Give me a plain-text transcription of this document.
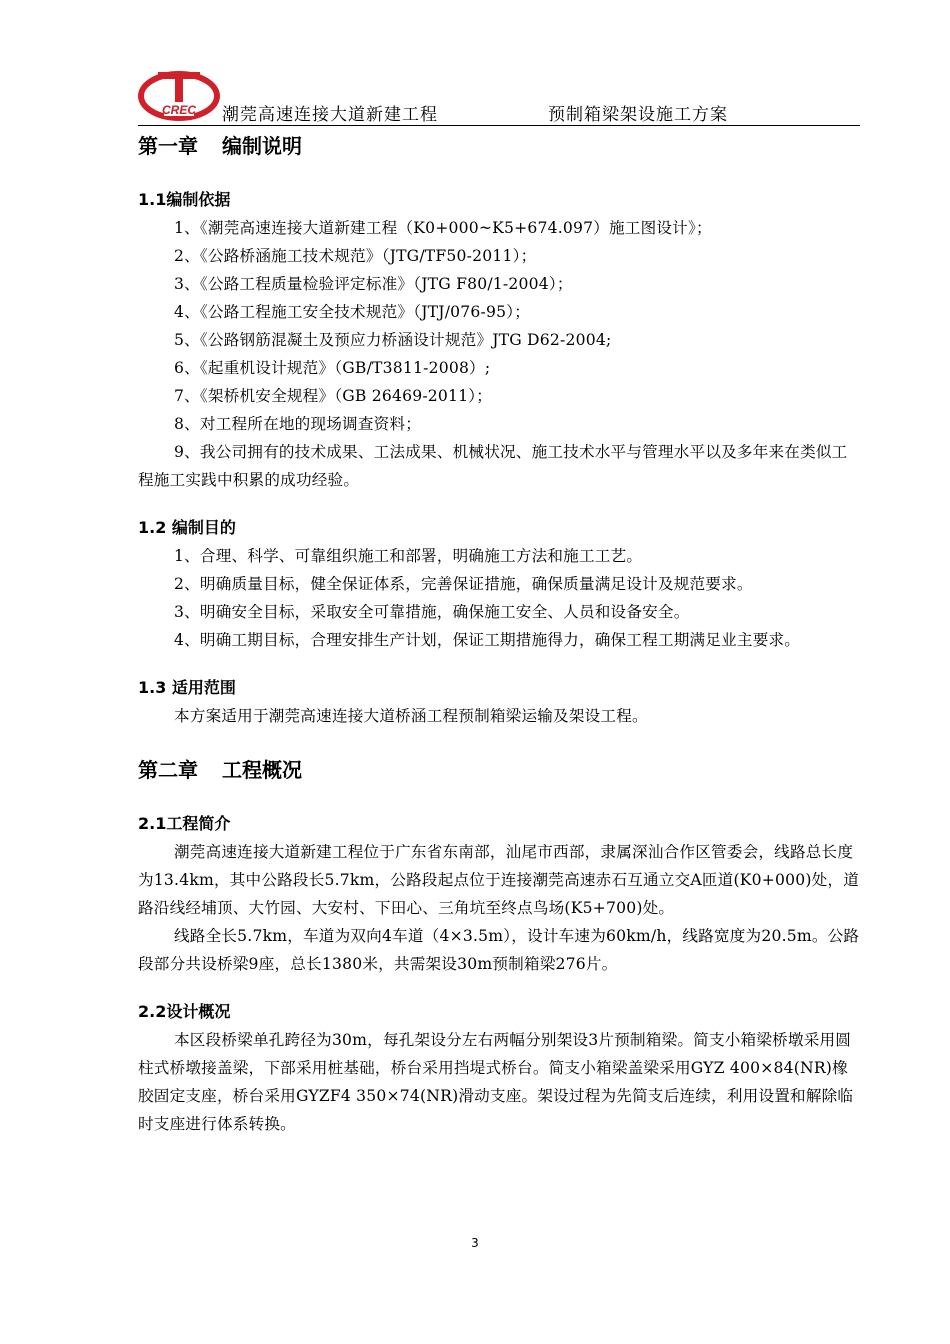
CREC 潮莞高速连接大道新建工程	预制箱梁架设施工方案
第一章 编制说明
1.1编制依据
1、《潮莞高速连接大道新建工程（K0+000~K5+674.097）施工图设计》；
2、《公路桥涵施工技术规范》（JTG/TF50-2011）；
3、《公路工程质量检验评定标准》（JTG F80/1-2004）；
4、《公路工程施工安全技术规范》（JTJ/076-95）；
5、《公路钢筋混凝土及预应力桥涵设计规范》JTG D62-2004;
6、《起重机设计规范》（GB/T3811-2008）;
7、《架桥机安全规程》（GB 26469-2011）；
8、对工程所在地的现场调查资料；
9、我公司拥有的技术成果、工法成果、机械状况、施工技术水平与管理水平以及多年来在类似工程施工实践中积累的成功经验。
1.2 编制目的
1、合理、科学、可靠组织施工和部署，明确施工方法和施工工艺。
2、明确质量目标，健全保证体系，完善保证措施，确保质量满足设计及规范要求。
3、明确安全目标，采取安全可靠措施，确保施工安全、人员和设备安全。
4、明确工期目标，合理安排生产计划，保证工期措施得力，确保工程工期满足业主要求。
1.3 适用范围
本方案适用于潮莞高速连接大道桥涵工程预制箱梁运输及架设工程。
第二章 工程概况
2.1工程简介
潮莞高速连接大道新建工程位于广东省东南部，汕尾市西部，隶属深汕合作区管委会，线路总长度为13.4km，其中公路段长5.7km，公路段起点位于连接潮莞高速赤石互通立交A匝道(K0+000)处，道路沿线经埔顶、大竹园、大安村、下田心、三角坑至终点鸟场(K5+700)处。
线路全长5.7km，车道为双向4车道（4×3.5m），设计车速为60km/h，线路宽度为20.5m。公路段部分共设桥梁9座，总长1380米，共需架设30m预制箱梁276片。
2.2设计概况
本区段桥梁单孔跨径为30m，每孔架设分左右两幅分别架设3片预制箱梁。简支小箱梁桥墩采用圆柱式桥墩接盖梁，下部采用桩基础，桥台采用挡堤式桥台。简支小箱梁盖梁采用GYZ 400×84(NR)橡胶固定支座，桥台采用GYZF4 350×74(NR)滑动支座。架设过程为先简支后连续，利用设置和解除临时支座进行体系转换。
3
